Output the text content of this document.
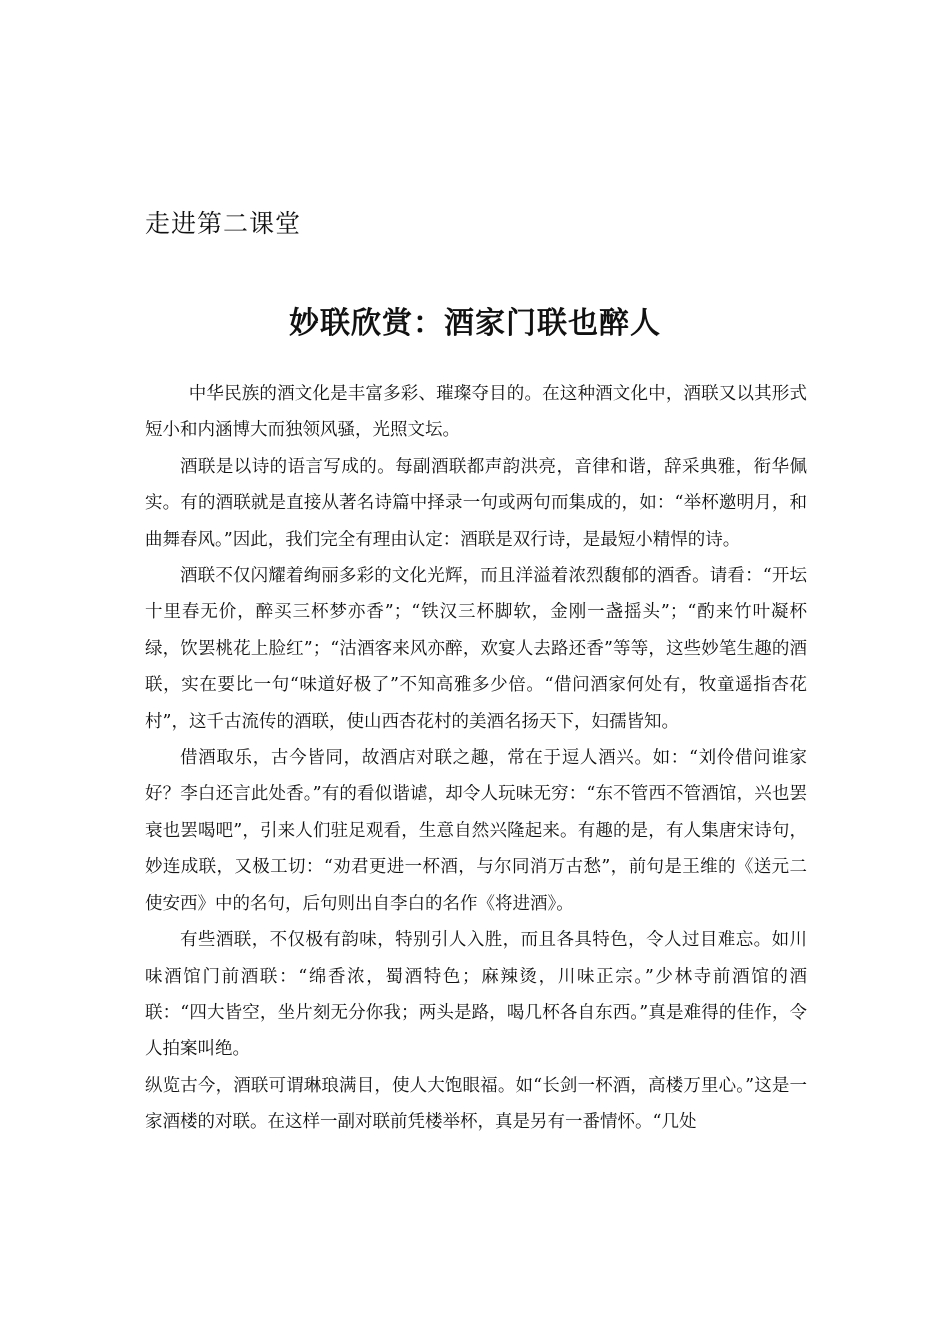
走进第二课堂
妙联欣赏：酒家门联也醉人

中华民族的酒文化是丰富多彩、璀璨夺目的。在这种酒文化中，酒联又以其形式短小和内涵博大而独领风骚，光照文坛。

酒联是以诗的语言写成的。每副酒联都声韵洪亮，音律和谐，辞采典雅，衔华佩实。有的酒联就是直接从著名诗篇中择录一句或两句而集成的，如：“举杯邀明月，和曲舞春风。”因此，我们完全有理由认定：酒联是双行诗，是最短小精悍的诗。

酒联不仅闪耀着绚丽多彩的文化光辉，而且洋溢着浓烈馥郁的酒香。请看：“开坛十里春无价，醉买三杯梦亦香”；“铁汉三杯脚软，金刚一盏摇头”；“酌来竹叶凝杯绿，饮罢桃花上脸红”；“沽酒客来风亦醉，欢宴人去路还香”等等，这些妙笔生趣的酒联，实在要比一句“味道好极了”不知高雅多少倍。“借问酒家何处有，牧童遥指杏花村”，这千古流传的酒联，使山西杏花村的美酒名扬天下，妇孺皆知。

借酒取乐，古今皆同，故酒店对联之趣，常在于逗人酒兴。如：“刘伶借问谁家好？李白还言此处香。”有的看似谐谑，却令人玩味无穷：“东不管西不管酒馆，兴也罢衰也罢喝吧”，引来人们驻足观看，生意自然兴隆起来。有趣的是，有人集唐宋诗句，妙连成联，又极工切：“劝君更进一杯酒，与尔同消万古愁”，前句是王维的《送元二使安西》中的名句，后句则出自李白的名作《将进酒》。

有些酒联，不仅极有韵味，特别引人入胜，而且各具特色，令人过目难忘。如川味酒馆门前酒联：“绵香浓，蜀酒特色；麻辣烫，川味正宗。”少林寺前酒馆的酒联：“四大皆空，坐片刻无分你我；两头是路，喝几杯各自东西。”真是难得的佳作，令人拍案叫绝。

纵览古今，酒联可谓琳琅满目，使人大饱眼福。如“长剑一杯酒，高楼万里心。”这是一家酒楼的对联。在这样一副对联前凭楼举杯，真是另有一番情怀。“几处
